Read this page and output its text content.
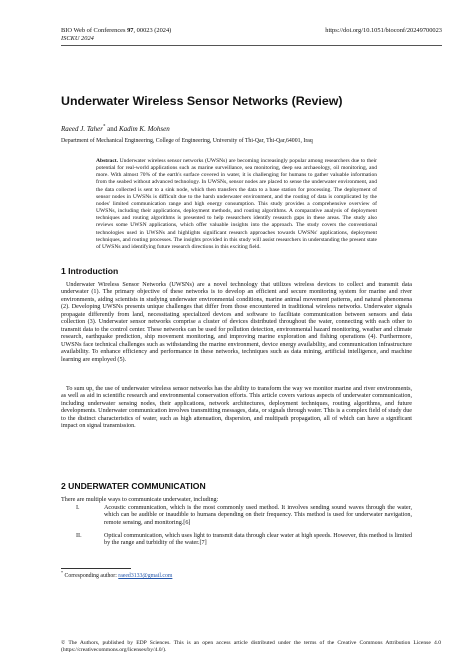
BIO Web of Conferences 97, 00023 (2024)
ISCKU 2024
https://doi.org/10.1051/bioconf/20249700023
Underwater Wireless Sensor Networks (Review)
Raeed J. Taher* and Kadim K. Mohsen
Department of Mechanical Engineering, College of Engineering, University of Thi-Qar, Thi-Qar,64001, Iraq
Abstract. Underwater wireless sensor networks (UWSNs) are becoming increasingly popular among researchers due to their potential for real-world applications such as marine surveillance, sea monitoring, deep sea archaeology, oil monitoring, and more. With almost 70% of the earth's surface covered in water, it is challenging for humans to gather valuable information from the seabed without advanced technology. In UWSNs, sensor nodes are placed to sense the underwater environment, and the data collected is sent to a sink node, which then transfers the data to a base station for processing. The deployment of sensor nodes in UWSNs is difficult due to the harsh underwater environment, and the routing of data is complicated by the nodes' limited communication range and high energy consumption. This study provides a comprehensive overview of UWSNs, including their applications, deployment methods, and routing algorithms. A comparative analysis of deployment techniques and routing algorithms is presented to help researchers identify research gaps in these areas. The study also reviews some UWSN applications, which offer valuable insights into the approach. The study covers the conventional technologies used in UWSNs and highlights significant research approaches towards UWSNs' applications, deployment techniques, and routing processes. The insights provided in this study will assist researchers in understanding the present state of UWSNs and identifying future research directions in this exciting field.
1 Introduction
Underwater Wireless Sensor Networks (UWSNs) are a novel technology that utilizes wireless devices to collect and transmit data underwater (1). The primary objective of these networks is to develop an efficient and secure monitoring system for marine and river environments, aiding scientists in studying underwater environmental conditions, marine animal movement patterns, and natural phenomena (2). Developing UWSNs presents unique challenges that differ from those encountered in traditional wireless networks. Underwater signals propagate differently from land, necessitating specialized devices and software to facilitate communication between sensors and data collection (3). Underwater sensor networks comprise a cluster of devices distributed throughout the water, connecting with each other to transmit data to the control center. These networks can be used for pollution detection, environmental hazard monitoring, weather and climate research, earthquake prediction, ship movement monitoring, and improving marine exploration and fishing operations (4). Furthermore, UWSNs face technical challenges such as withstanding the marine environment, device energy availability, and communication infrastructure availability. To enhance efficiency and performance in these networks, techniques such as data mining, artificial intelligence, and machine learning are employed (5).
To sum up, the use of underwater wireless sensor networks has the ability to transform the way we monitor marine and river environments, as well as aid in scientific research and environmental conservation efforts. This article covers various aspects of underwater communication, including underwater sensing nodes, their applications, network architectures, deployment techniques, routing algorithms, and future developments. Underwater communication involves transmitting messages, data, or signals through water. This is a complex field of study due to the distinct characteristics of water, such as high attenuation, dispersion, and multipath propagation, all of which can have a significant impact on signal transmission.
2 UNDERWATER COMMUNICATION
There are multiple ways to communicate underwater, including:
I.	Acoustic communication, which is the most commonly used method. It involves sending sound waves through the water, which can be audible or inaudible to humans depending on their frequency. This method is used for underwater navigation, remote sensing, and monitoring.[6]
II.	Optical communication, which uses light to transmit data through clear water at high speeds. However, this method is limited by the range and turbidity of the water.[7]
* Corresponding author: raeed3133@gmail.com
© The Authors, published by EDP Sciences. This is an open access article distributed under the terms of the Creative Commons Attribution License 4.0 (https://creativecommons.org/licenses/by/4.0/).
